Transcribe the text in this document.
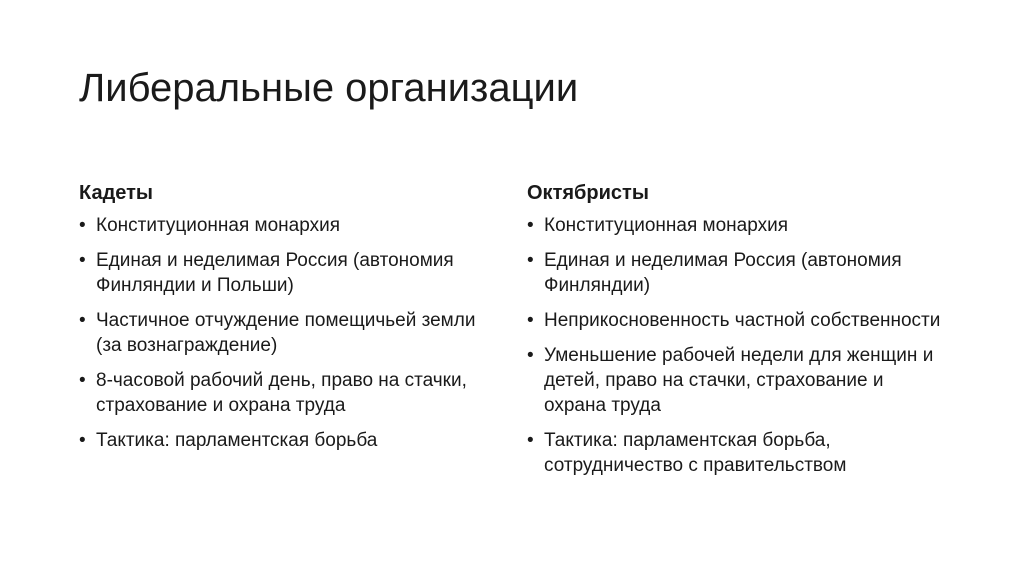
Либеральные организации
Кадеты
• Конституционная монархия
• Единая и неделимая Россия (автономия Финляндии и Польши)
• Частичное отчуждение помещичьей земли (за вознаграждение)
• 8-часовой рабочий день, право на стачки, страхование и охрана труда
• Тактика: парламентская борьба
Октябристы
• Конституционная монархия
• Единая и неделимая Россия (автономия Финляндии)
• Неприкосновенность частной собственности
• Уменьшение рабочей недели для женщин и детей, право на стачки, страхование и охрана труда
• Тактика: парламентская борьба, сотрудничество с правительством
